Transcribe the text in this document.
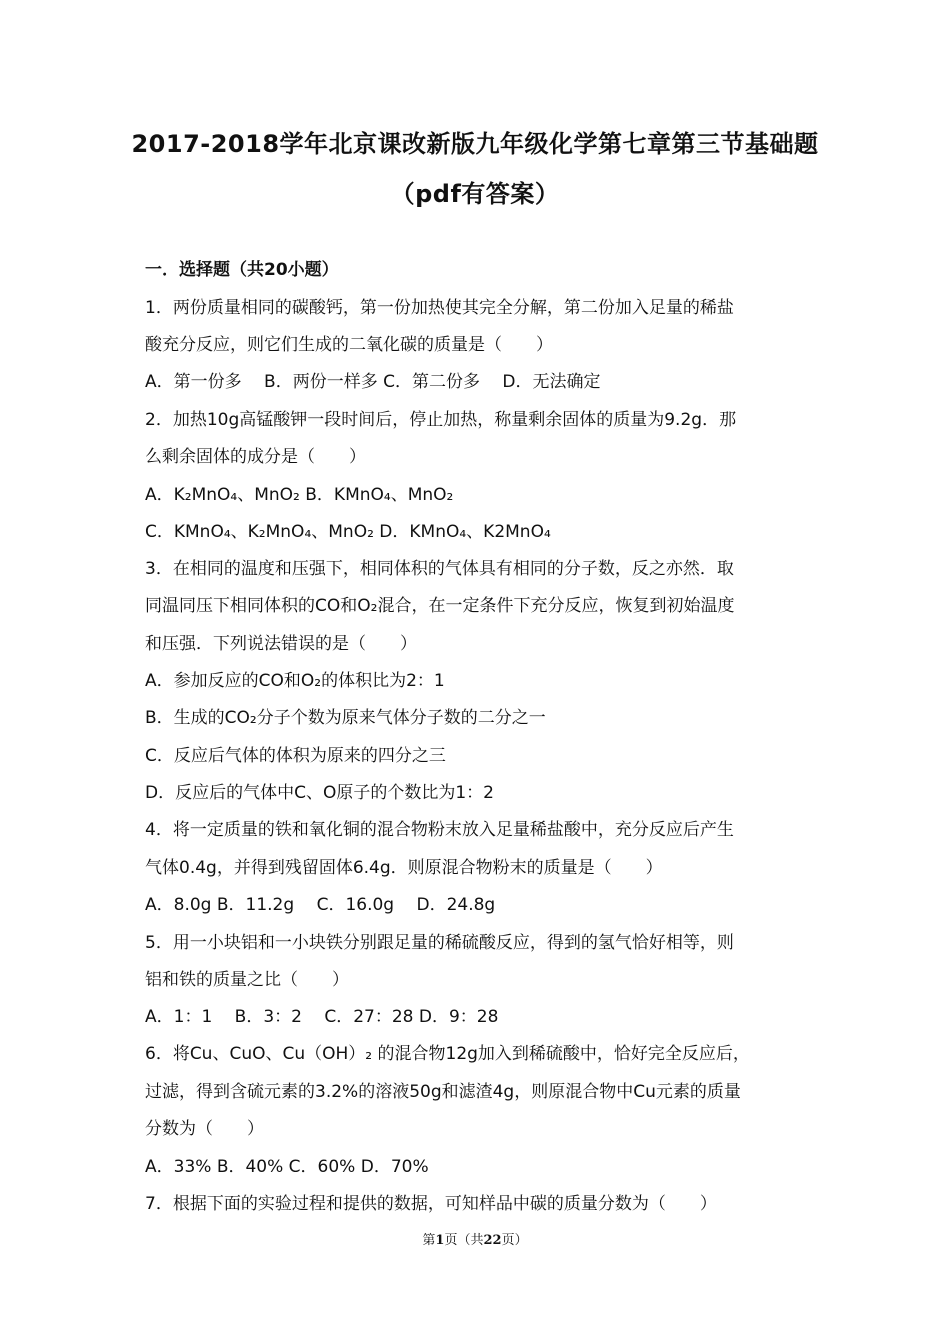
2017-2018学年北京课改新版九年级化学第七章第三节基础题
（pdf有答案）
一．选择题（共20小题）
1．两份质量相同的碳酸钙，第一份加热使其完全分解，第二份加入足量的稀盐
酸充分反应，则它们生成的二氧化碳的质量是（　　）
A．第一份多　 B．两份一样多 C．第二份多　 D．无法确定
2．加热10g高锰酸钾一段时间后，停止加热，称量剩余固体的质量为9.2g．那
么剩余固体的成分是（　　）
A．K₂MnO₄、MnO₂ B．KMnO₄、MnO₂
C．KMnO₄、K₂MnO₄、MnO₂ D．KMnO₄、K2MnO₄
3．在相同的温度和压强下，相同体积的气体具有相同的分子数，反之亦然．取
同温同压下相同体积的CO和O₂混合，在一定条件下充分反应，恢复到初始温度
和压强．下列说法错误的是（　　）
A．参加反应的CO和O₂的体积比为2：1
B．生成的CO₂分子个数为原来气体分子数的二分之一
C．反应后气体的体积为原来的四分之三
D．反应后的气体中C、O原子的个数比为1：2
4．将一定质量的铁和氧化铜的混合物粉末放入足量稀盐酸中，充分反应后产生
气体0.4g，并得到残留固体6.4g．则原混合物粉末的质量是（　　）
A．8.0g B．11.2g　 C．16.0g　 D．24.8g
5．用一小块铝和一小块铁分别跟足量的稀硫酸反应，得到的氢气恰好相等，则
铝和铁的质量之比（　　）
A．1：1　 B．3：2　 C．27：28 D．9：28
6．将Cu、CuO、Cu（OH）₂ 的混合物12g加入到稀硫酸中，恰好完全反应后，
过滤，得到含硫元素的3.2%的溶液50g和滤渣4g，则原混合物中Cu元素的质量
分数为（　　）
A．33% B．40% C．60% D．70%
7．根据下面的实验过程和提供的数据，可知样品中碳的质量分数为（　　）
第1页（共22页）
